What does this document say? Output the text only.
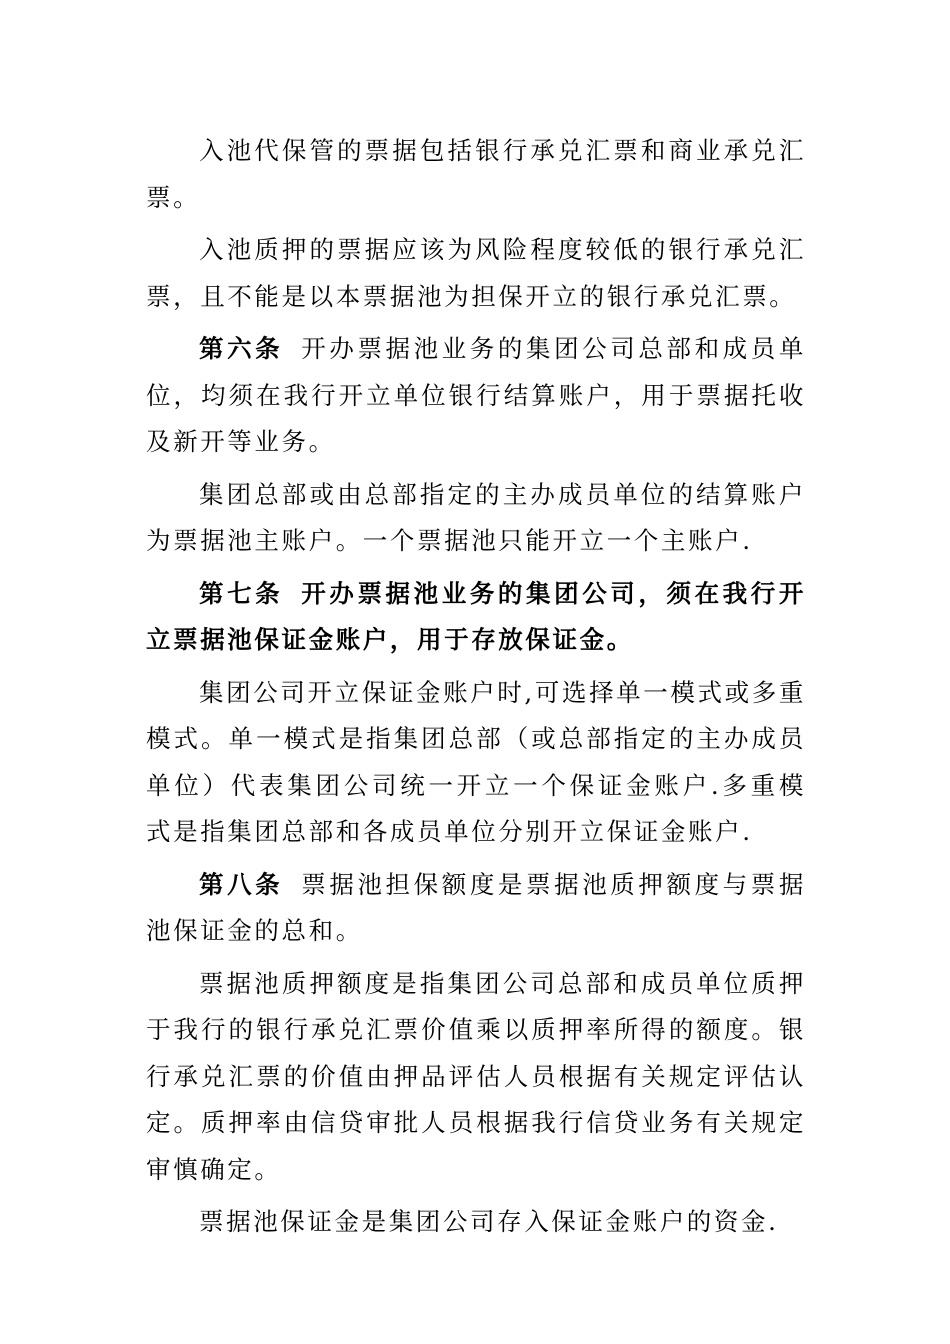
入池代保管的票据包括银行承兑汇票和商业承兑汇票。

入池质押的票据应该为风险程度较低的银行承兑汇票，且不能是以本票据池为担保开立的银行承兑汇票。

第六条 开办票据池业务的集团公司总部和成员单位，均须在我行开立单位银行结算账户，用于票据托收及新开等业务。

集团总部或由总部指定的主办成员单位的结算账户为票据池主账户。一个票据池只能开立一个主账户.

第七条 开办票据池业务的集团公司，须在我行开立票据池保证金账户，用于存放保证金。

集团公司开立保证金账户时,可选择单一模式或多重模式。单一模式是指集团总部（或总部指定的主办成员单位）代表集团公司统一开立一个保证金账户.多重模式是指集团总部和各成员单位分别开立保证金账户.

第八条 票据池担保额度是票据池质押额度与票据池保证金的总和。

票据池质押额度是指集团公司总部和成员单位质押于我行的银行承兑汇票价值乘以质押率所得的额度。银行承兑汇票的价值由押品评估人员根据有关规定评估认定。质押率由信贷审批人员根据我行信贷业务有关规定审慎确定。

票据池保证金是集团公司存入保证金账户的资金.
